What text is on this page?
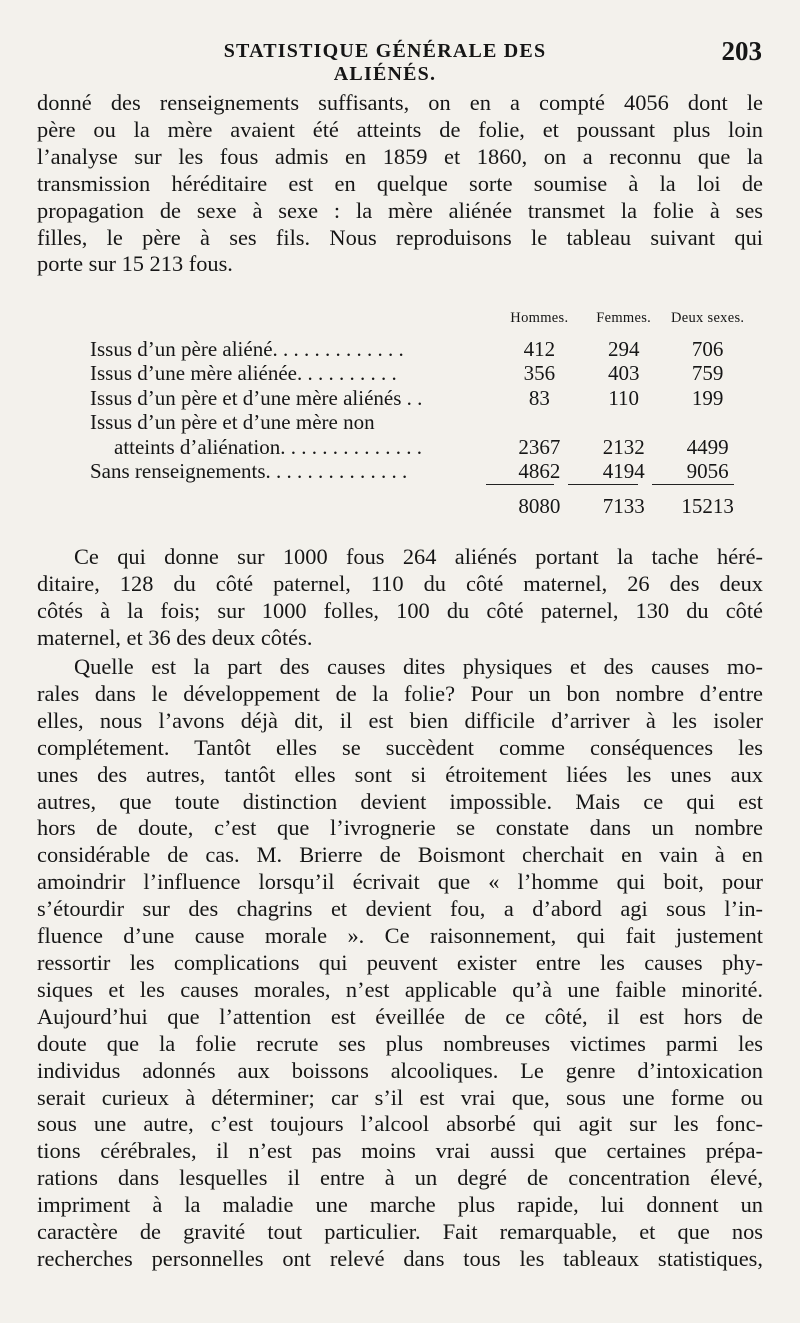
STATISTIQUE GÉNÉRALE DES ALIÉNÉS.
203

donné des renseignements suffisants, on en a compté 4056 dont le
père ou la mère avaient été atteints de folie, et poussant plus loin
l’analyse sur les fous admis en 1859 et 1860, on a reconnu que la
transmission héréditaire est en quelque sorte soumise à la loi de
propagation de sexe à sexe : la mère aliénée transmet la folie à ses
filles, le père à ses fils. Nous reproduisons le tableau suivant qui
porte sur 15 213 fous.

	Hommes.	Femmes.	Deux sexes.
Issus d’un père aliéné. . . . . . . . . . . . .	412	294	706
Issus d’une mère aliénée. . . . . . . . . .	356	403	759
Issus d’un père et d’une mère aliénés . .	83	110	199
Issus d’un père et d’une mère non			
atteints d’aliénation. . . . . . . . . . . . . .	2367	2132	4499
Sans renseignements. . . . . . . . . . . . . .	4862	4194	9056
	8080	7133	15213

Ce qui donne sur 1000 fous 264 aliénés portant la tache héré-
ditaire, 128 du côté paternel, 110 du côté maternel, 26 des deux
côtés à la fois; sur 1000 folles, 100 du côté paternel, 130 du côté
maternel, et 36 des deux côtés.

Quelle est la part des causes dites physiques et des causes mo-
rales dans le développement de la folie? Pour un bon nombre d’entre
elles, nous l’avons déjà dit, il est bien difficile d’arriver à les isoler
complétement. Tantôt elles se succèdent comme conséquences les
unes des autres, tantôt elles sont si étroitement liées les unes aux
autres, que toute distinction devient impossible. Mais ce qui est
hors de doute, c’est que l’ivrognerie se constate dans un nombre
considérable de cas. M. Brierre de Boismont cherchait en vain à en
amoindrir l’influence lorsqu’il écrivait que « l’homme qui boit, pour
s’étourdir sur des chagrins et devient fou, a d’abord agi sous l’in-
fluence d’une cause morale ». Ce raisonnement, qui fait justement
ressortir les complications qui peuvent exister entre les causes phy-
siques et les causes morales, n’est applicable qu’à une faible minorité.
Aujourd’hui que l’attention est éveillée de ce côté, il est hors de
doute que la folie recrute ses plus nombreuses victimes parmi les
individus adonnés aux boissons alcooliques. Le genre d’intoxication
serait curieux à déterminer; car s’il est vrai que, sous une forme ou
sous une autre, c’est toujours l’alcool absorbé qui agit sur les fonc-
tions cérébrales, il n’est pas moins vrai aussi que certaines prépa-
rations dans lesquelles il entre à un degré de concentration élevé,
impriment à la maladie une marche plus rapide, lui donnent un
caractère de gravité tout particulier. Fait remarquable, et que nos
recherches personnelles ont relevé dans tous les tableaux statistiques,
